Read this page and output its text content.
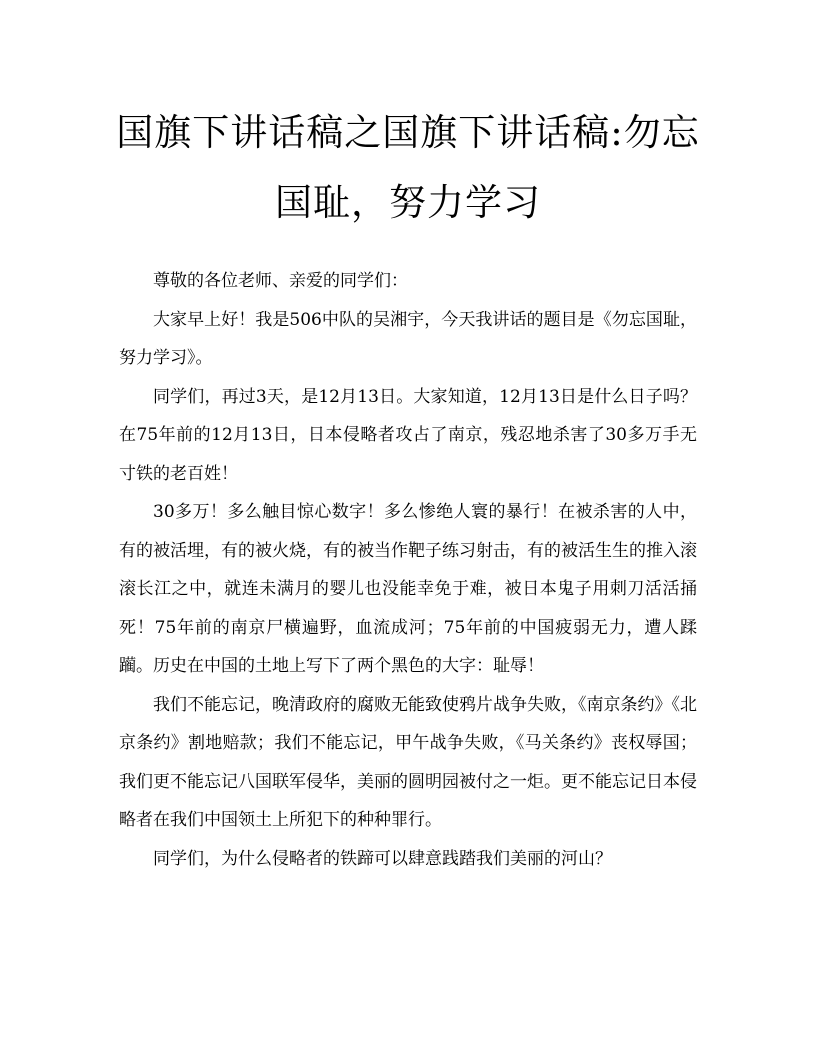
国旗下讲话稿之国旗下讲话稿:勿忘国耻，努力学习

尊敬的各位老师、亲爱的同学们：

大家早上好！我是506中队的吴湘宇，今天我讲话的题目是《勿忘国耻，努力学习》。

同学们，再过3天，是12月13日。大家知道，12月13日是什么日子吗？在75年前的12月13日，日本侵略者攻占了南京，残忍地杀害了30多万手无寸铁的老百姓！

30多万！多么触目惊心数字！多么惨绝人寰的暴行！在被杀害的人中，有的被活埋，有的被火烧，有的被当作靶子练习射击，有的被活生生的推入滚滚长江之中，就连未满月的婴儿也没能幸免于难，被日本鬼子用刺刀活活捅死！75年前的南京尸横遍野，血流成河；75年前的中国疲弱无力，遭人蹂躏。历史在中国的土地上写下了两个黑色的大字：耻辱！

我们不能忘记，晚清政府的腐败无能致使鸦片战争失败，《南京条约》《北京条约》割地赔款；我们不能忘记，甲午战争失败，《马关条约》丧权辱国；我们更不能忘记八国联军侵华，美丽的圆明园被付之一炬。更不能忘记日本侵略者在我们中国领土上所犯下的种种罪行。

同学们，为什么侵略者的铁蹄可以肆意践踏我们美丽的河山？
